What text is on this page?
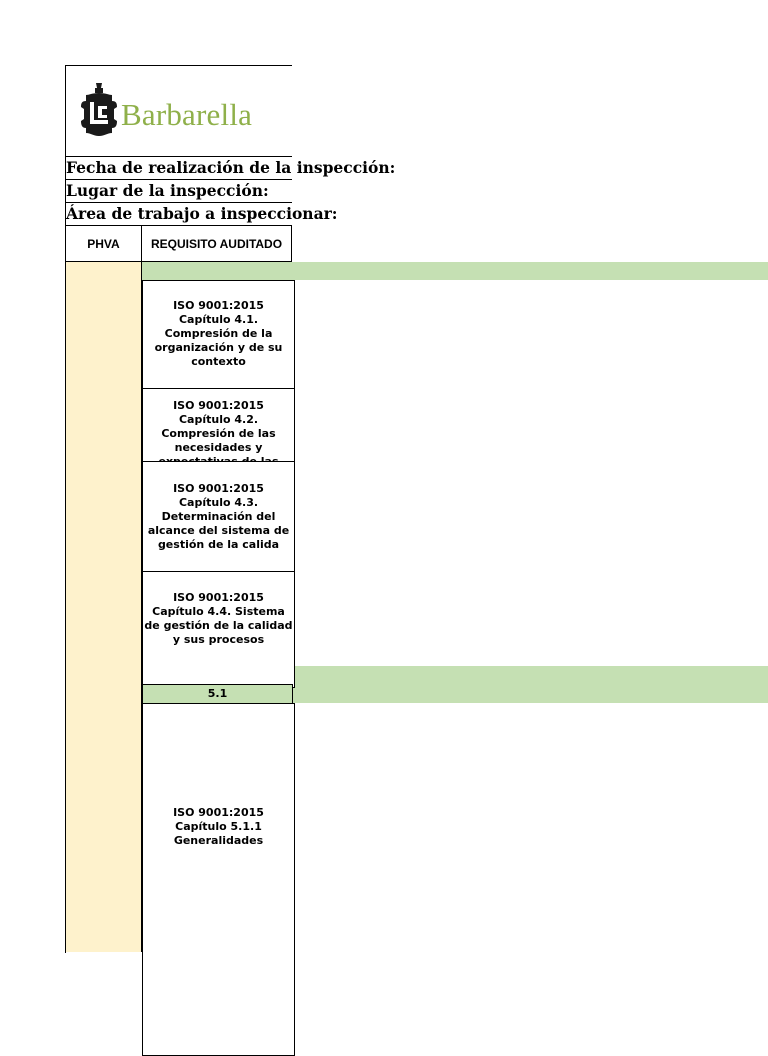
Barbarella
Fecha de realización de la inspección:
Lugar de la inspección:
Área de trabajo a inspeccionar:
PHVA	REQUISITO AUDITADO
ISO 9001:2015
Capítulo 4.1.
Compresión de la
organización y de su
contexto

ISO 9001:2015
Capítulo 4.2.
Compresión de las
necesidades y

ISO 9001:2015
Capítulo 4.3.
Determinación del
alcance del sistema de
gestión de la calida
ISO 9001:2015
Capítulo 4.4. Sistema
de gestión de la calidad
y sus procesos
5.1
ISO 9001:2015
Capítulo 5.1.1
Generalidades
